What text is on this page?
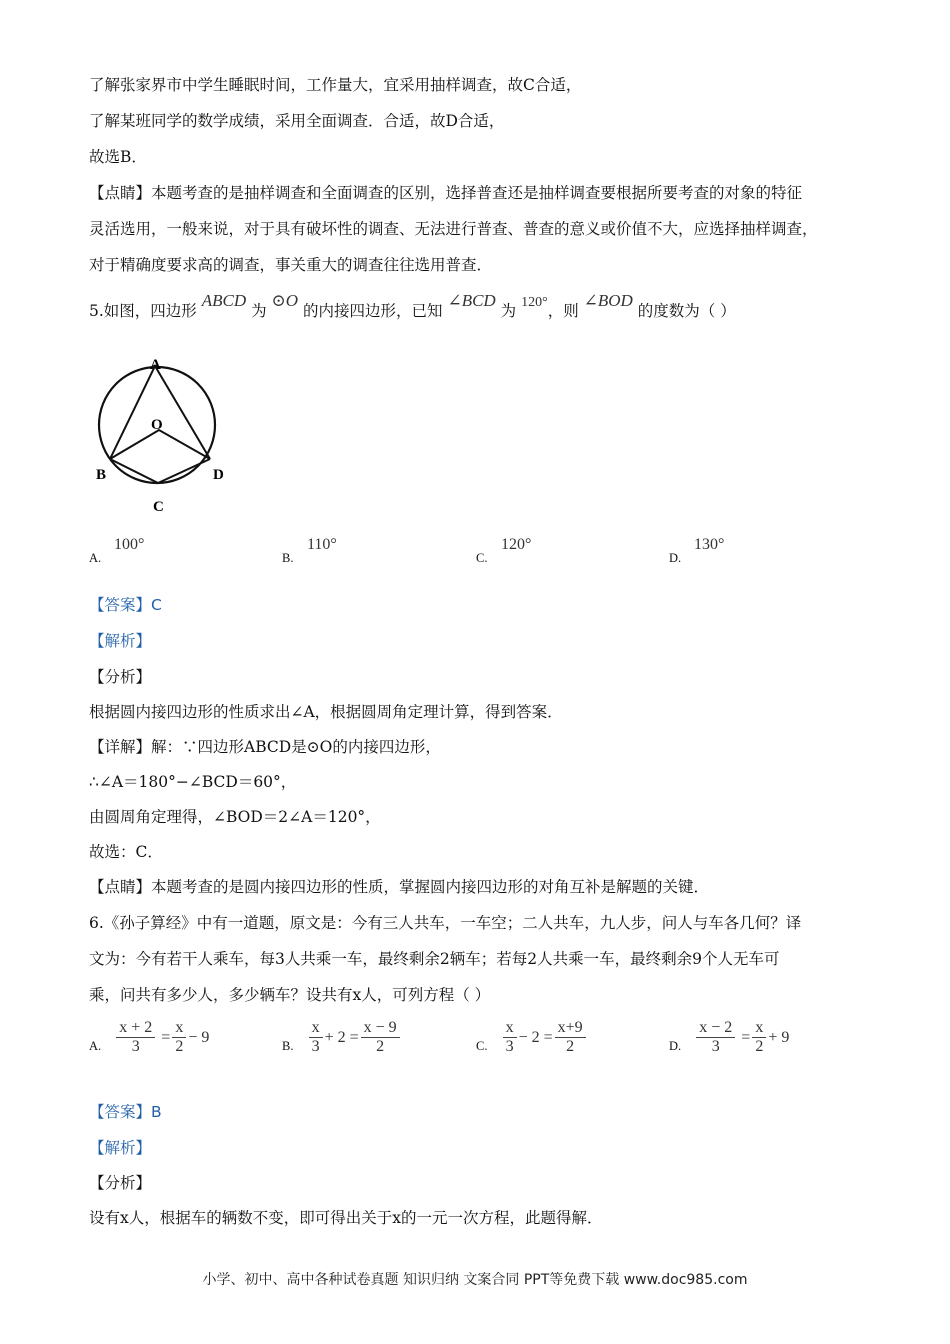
了解张家界市中学生睡眠时间，工作量大，宜采用抽样调查，故C合适，
了解某班同学的数学成绩，采用全面调查．合适，故D合适，
故选B．
【点睛】本题考查的是抽样调查和全面调查的区别，选择普查还是抽样调查要根据所要考查的对象的特征
灵活选用，一般来说，对于具有破坏性的调查、无法进行普查、普查的意义或价值不大，应选择抽样调查，
对于精确度要求高的调查，事关重大的调查往往选用普查．
5.如图，四边形 ABCD 为 ⊙O 的内接四边形，已知 ∠BCD 为 120°，则 ∠BOD 的度数为（ ）
A
O
B	D
C
A.
100°
B.
110°
C.
120°
D.
130°
【答案】C
【解析】
【分析】
根据圆内接四边形的性质求出∠A，根据圆周角定理计算，得到答案．
【详解】解：∵四边形ABCD是⊙O的内接四边形，
∴∠A＝180°−∠BCD＝60°，
由圆周角定理得，∠BOD＝2∠A＝120°，
故选：C．
【点睛】本题考查的是圆内接四边形的性质，掌握圆内接四边形的对角互补是解题的关键．
6.《孙子算经》中有一道题，原文是：今有三人共车，一车空；二人共车，九人步，问人与车各几何？译
文为：今有若干人乘车，每3人共乘一车，最终剩余2辆车；若每2人共乘一车，最终剩余9个人无车可
乘，问共有多少人，多少辆车？设共有x人，可列方程（ ）
$_{A.} \frac{x + 2}{3} = \frac{x}{2} - 9$
$_{B.} \frac{x}{3} + 2 = \frac{x - 9}{2}$	$_{C.} \frac{x}{3} - 2 = \frac{x+9}{2}$	$_{D.} \frac{x - 2}{3} = \frac{x}{2} + 9$
【答案】B
【解析】
【分析】
设有x人，根据车的辆数不变，即可得出关于x的一元一次方程，此题得解．
小学、初中、高中各种试卷真题 知识归纳 文案合同 PPT等免费下载 www.doc985.com
